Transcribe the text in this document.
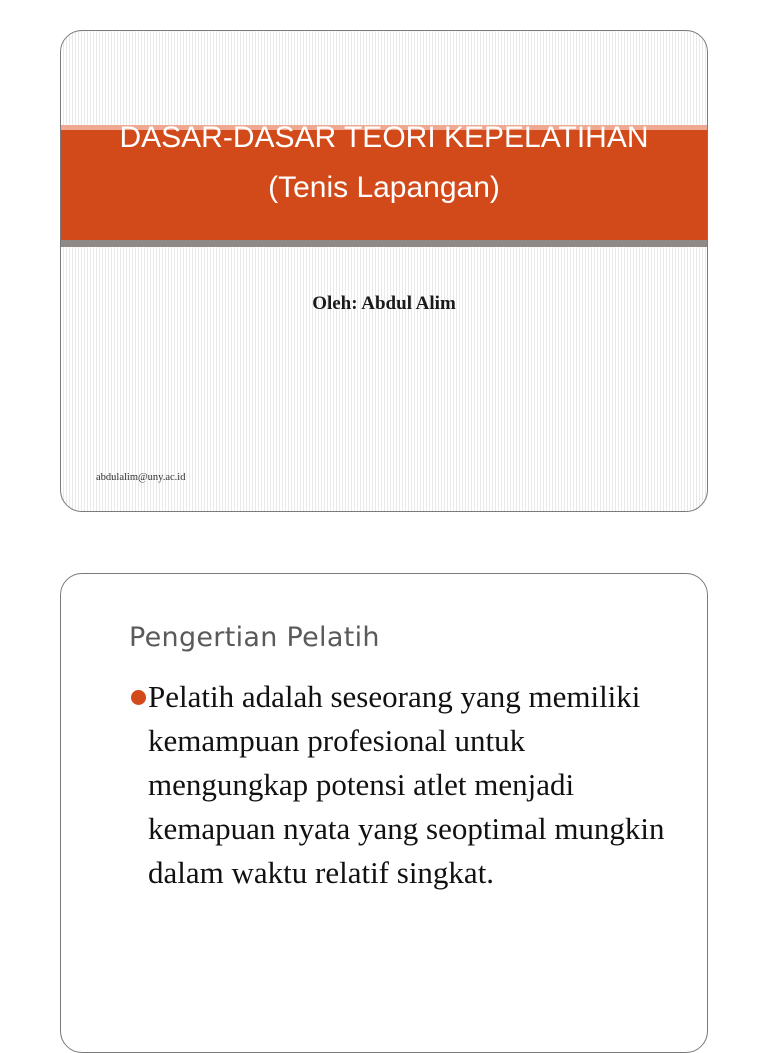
DASAR-DASAR TEORI KEPELATIHAN
(Tenis Lapangan)
Oleh: Abdul Alim
abdulalim@uny.ac.id
Pengertian Pelatih

Pelatih adalah seseorang yang memiliki kemampuan profesional untuk mengungkap potensi atlet menjadi kemapuan nyata yang seoptimal mungkin dalam waktu relatif singkat.
